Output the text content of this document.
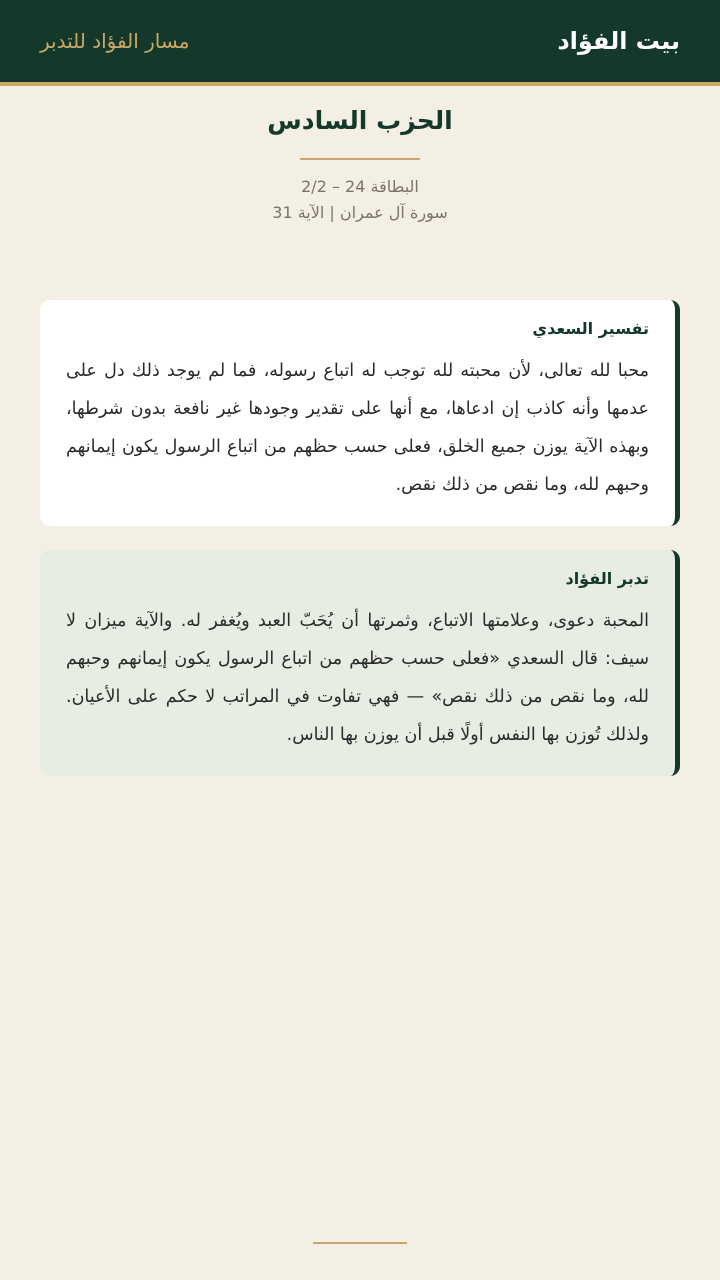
بيت الفؤاد
مسار الفؤاد للتدبر
الحزب السادس
البطاقة 24 – 2/2
سورة آل عمران | الآية 31
تفسير السعدي
محبا لله تعالى، لأن محبته لله توجب له اتباع رسوله، فما لم يوجد ذلك دل على عدمها وأنه كاذب إن ادعاها، مع أنها على تقدير وجودها غير نافعة بدون شرطها، وبهذه الآية يوزن جميع الخلق، فعلى حسب حظهم من اتباع الرسول يكون إيمانهم وحبهم لله، وما نقص من ذلك نقص.
تدبر الفؤاد
المحبة دعوى، وعلامتها الاتباع، وثمرتها أن يُحَبّ العبد ويُغفر له. والآية ميزان لا سيف: قال السعدي «فعلى حسب حظهم من اتباع الرسول يكون إيمانهم وحبهم لله، وما نقص من ذلك نقص» — فهي تفاوت في المراتب لا حكم على الأعيان. ولذلك تُوزن بها النفس أولًا قبل أن يوزن بها الناس.
